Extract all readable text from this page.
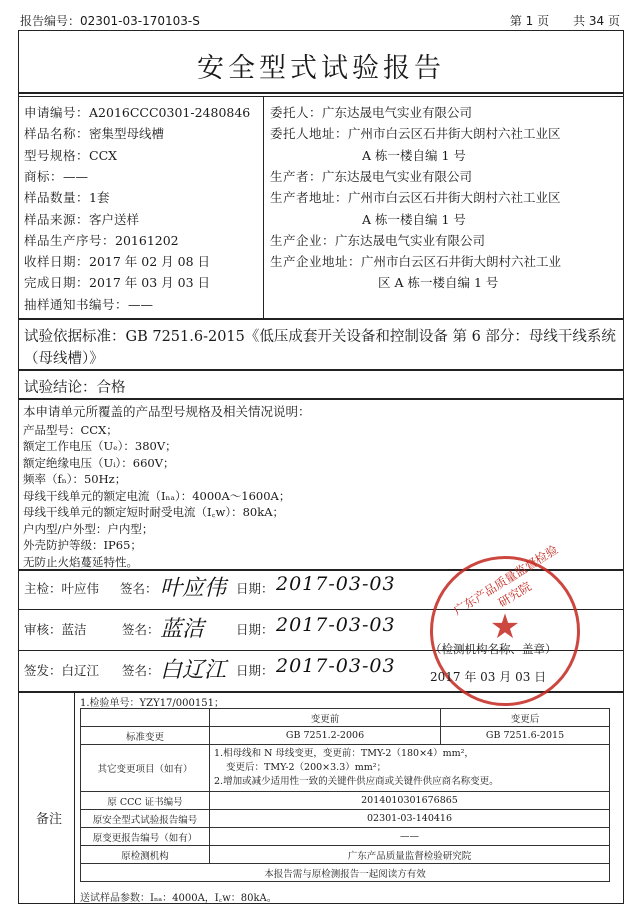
报告编号：02301-03-170103-S	第 1 页　　共 34 页
安全型式试验报告
申请编号：A2016CCC0301-2480846
样品名称：密集型母线槽
型号规格：CCX
商标：——
样品数量：1套
样品来源：客户送样
样品生产序号：20161202
收样日期：2017 年 02 月 08 日
完成日期：2017 年 03 月 03 日
抽样通知书编号：——
委托人：广东达晟电气实业有限公司
委托人地址：广州市白云区石井街大朗村六社工业区
A 栋一楼自编 1 号
生产者：广东达晟电气实业有限公司
生产者地址：广州市白云区石井街大朗村六社工业区
A 栋一楼自编 1 号
生产企业：广东达晟电气实业有限公司
生产企业地址：广州市白云区石井街大朗村六社工业
区 A 栋一楼自编 1 号
试验依据标准：GB 7251.6-2015《低压成套开关设备和控制设备 第 6 部分：母线干线系统（母线槽）》
试验结论：合格
本申请单元所覆盖的产品型号规格及相关情况说明：
产品型号：CCX；
额定工作电压（Uₑ）：380V；
额定绝缘电压（Uᵢ）：660V；
频率（fₙ）：50Hz；
母线干线单元的额定电流（Iₙₐ）：4000A～1600A；
母线干线单元的额定短时耐受电流（I꜀w）：80kA；
户内型/户外型：户内型；
外壳防护等级：IP65；
无防止火焰蔓延特性。
主检：叶应伟 签名： 叶应伟 日期： 2017-03-03
审核：蓝洁	签名： 蓝洁	日期： 2017-03-03
签发：白辽江 签名： 白辽江 日期： 2017-03-03
★
广东产品质量监督检验研究院
（检测机构名称、盖章）
2017 年 03 月 03 日
备注
1.检验单号：YZY17/000151；
	变更前	变更后
标准变更	GB 7251.2-2006	GB 7251.6-2015
其它变更项目（如有）	1.相母线和 N 母线变更，变更前：TMY-2（180×4）mm²，
变更后：TMY-2（200×3.3）mm²；
2.增加或减少适用性一致的关键件供应商或关键件供应商名称变更。	

原 CCC 证书编号	2014010301676865	
原安全型式试验报告编号	02301-03-140416	
原变更报告编号（如有）	——	
原检测机构	广东产品质量监督检验研究院	
本报告需与原检测报告一起阅读方有效		
送试样品参数：Iₙₐ：4000A，I꜀w：80kA。
